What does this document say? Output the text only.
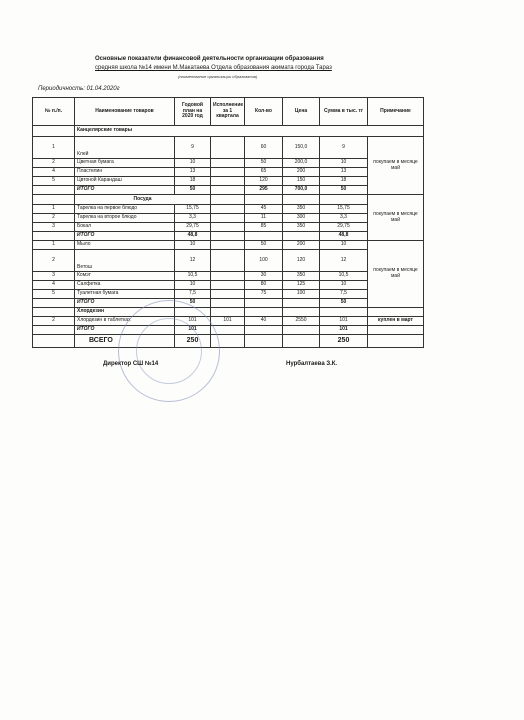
Основные показатели финансовой деятельности организации образования
средняя школа №14 имени М.Макатаева Отдела образования акимата города Тараз
(наименование организации образования)
Периодичность: 01.04.2020г
№ п./п.	Наименование товаров	Годовой план на 2020 год	Исполнение за 1 квартала	Кол-во	Цена	Сумма в тыс. тг	Примечание
	Канцелярские товары						
1	Клей	9		60	150,0	9	покупаем в месяце май
2	Цветная бумага	10		50	200,0	10	
4	Пластелин	13		65	200	13	
5	Цвтоной Карандаш	18		120	150	18	
	ИТОГО	50		295	700,0	50	
	Посуда						покупаем в месяце май
1	Тарелка на первое блюдо	15,75		45	350	15,75	
2	Тарелка на второе блюдо	3,3		11	300	3,3	
3	Бокал	29,75		85	350	29,75	
	ИТОГО	48,8				48,8	
1	Мыло	10		50	200	10	покупаем в месяце май
2	Ветош	12		100	120	12	
3	Комэт	10,5		30	350	10,5	
4	Салфетка	10		80	125	10	
5	Туалетная бумага	7,5		75	100	7,5	
	ИТОГО	50				50	
	Хлордезин						
2	Хлордезин в таблетках	101	101	40	2550	101	куплен в март
	ИТОГО	101				101	
	ВСЕГО	250				250	
Директор СШ №14	Нурбалтаева З.К.
